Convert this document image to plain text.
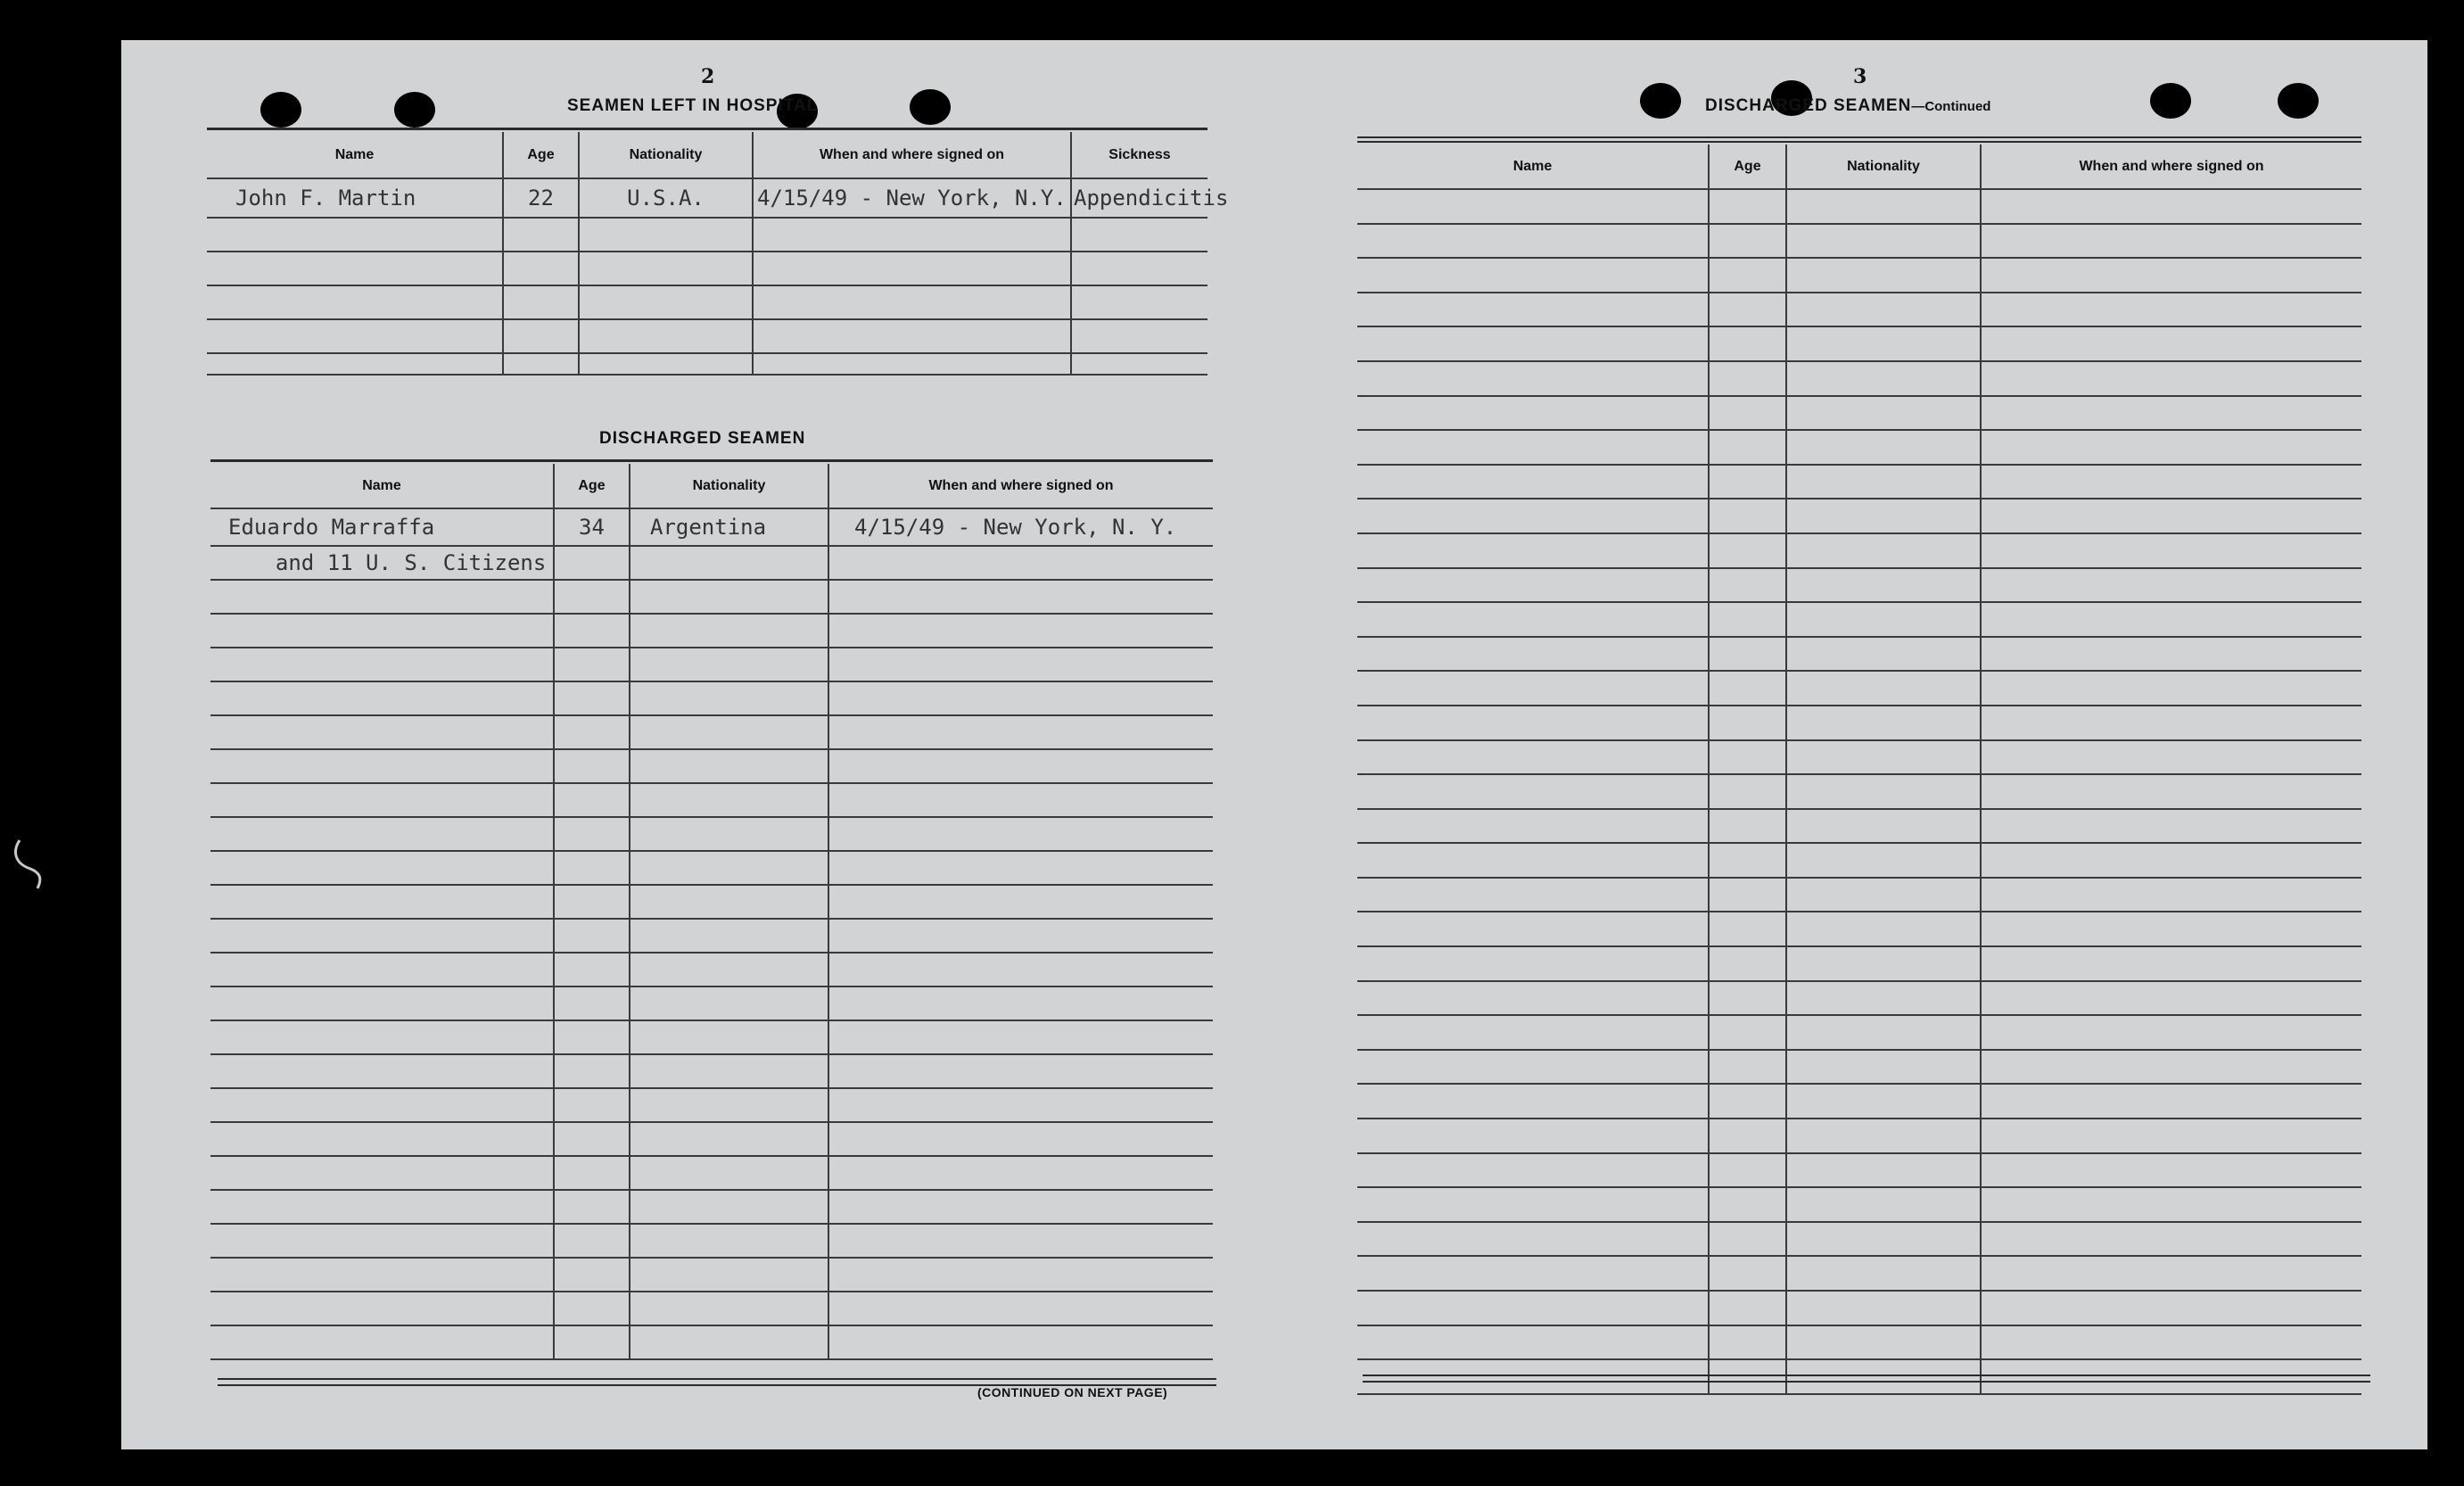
2
SEAMEN LEFT IN HOSPITAL
Name	Age	Nationality	When and where signed on	Sickness
John F. Martin	22	U.S.A.	4/15/49 - New York, N.Y.	Appendicitis

DISCHARGED SEAMEN
Name	Age	Nationality	When and where signed on
Eduardo Marraffa	34	Argentina	4/15/49 - New York, N. Y.
and 11 U. S. Citizens			

(CONTINUED ON NEXT PAGE)
3
DISCHARGED SEAMEN—Continued
Name	Age	Nationality	When and where signed on
